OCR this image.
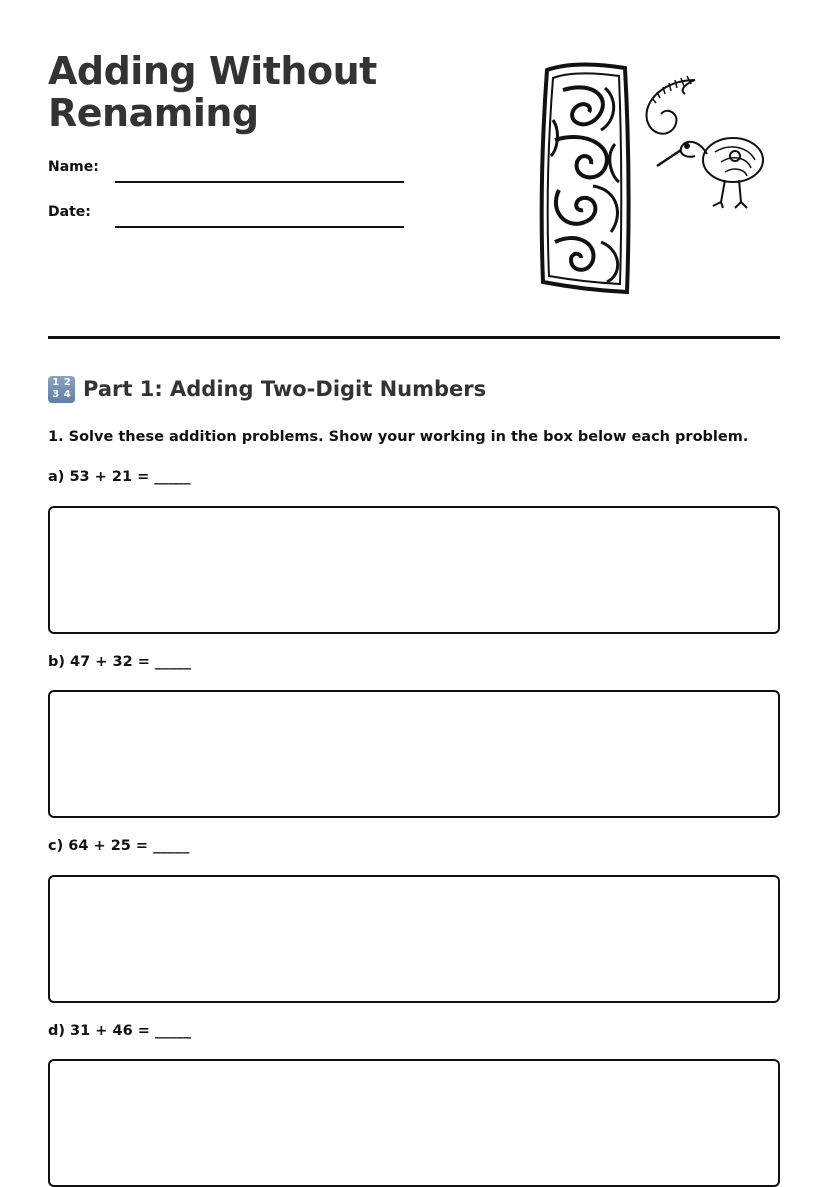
Adding Without Renaming
Name:
Date:
1 2
3 4 Part 1: Adding Two-Digit Numbers
1. Solve these addition problems. Show your working in the box below each problem.
a) 53 + 21 = _____
b) 47 + 32 = _____
c) 64 + 25 = _____
d) 31 + 46 = _____
